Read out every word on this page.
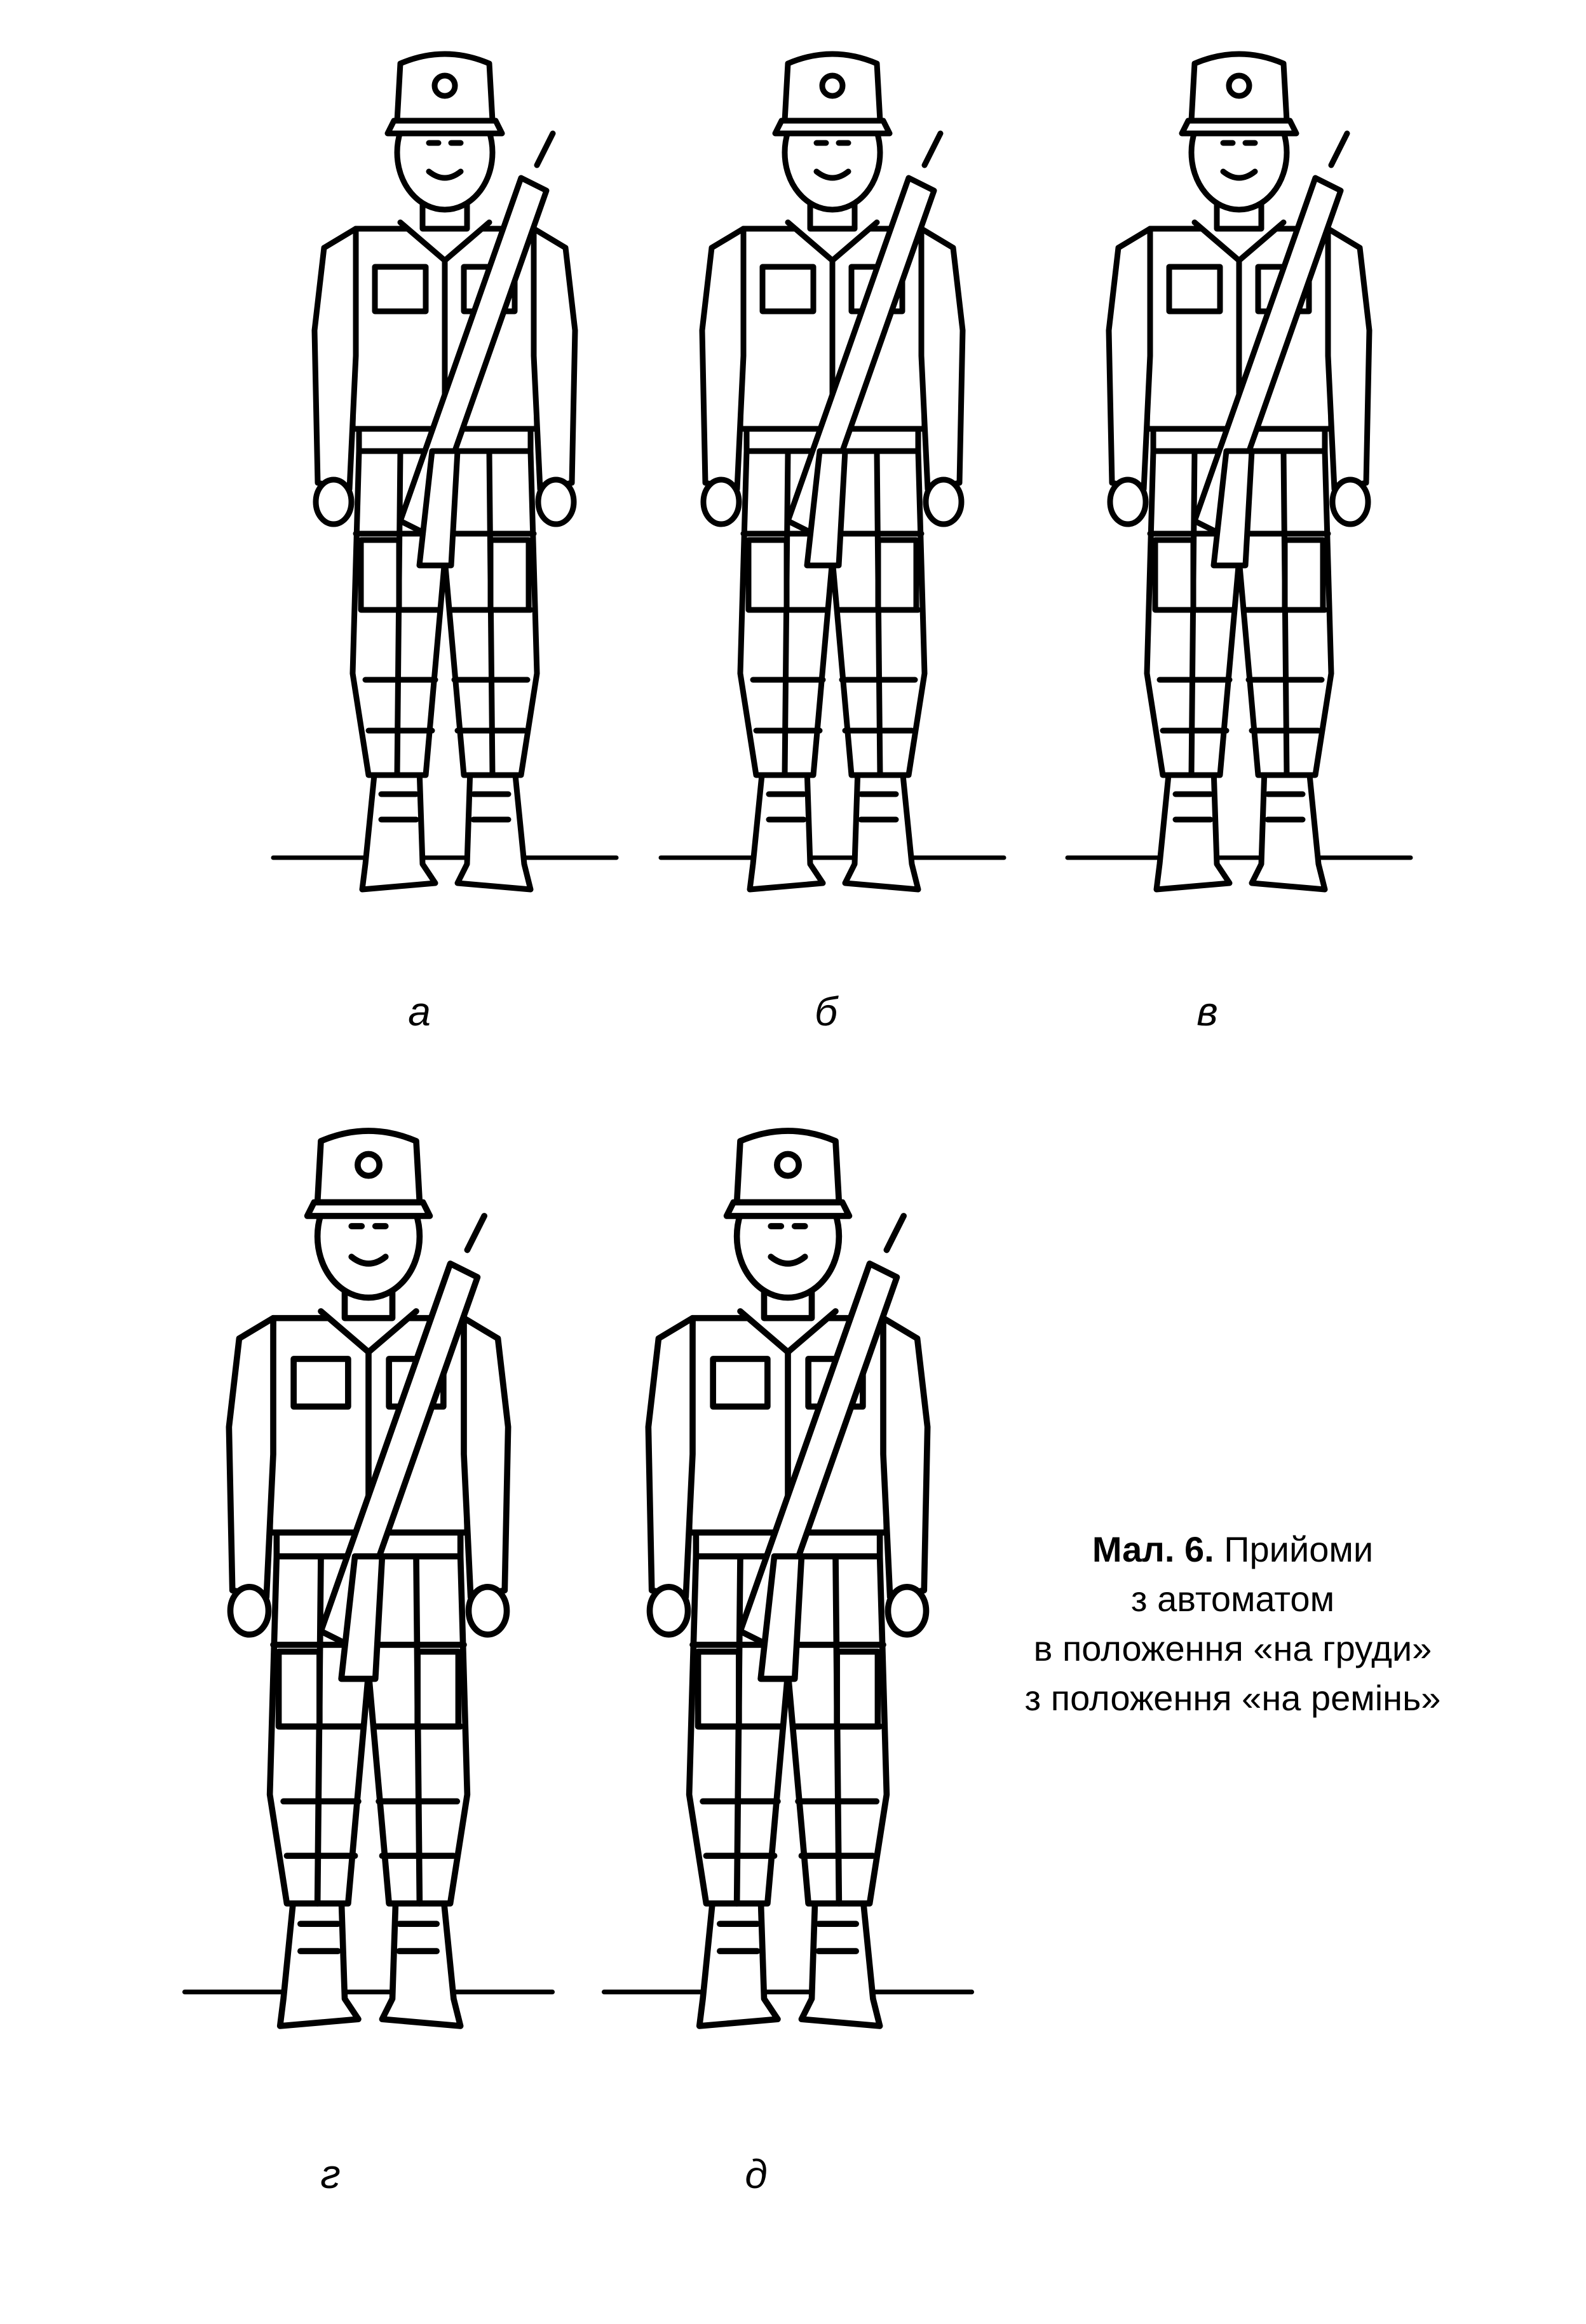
а	б	в
г	д
Мал. 6. Прийоми
з автоматом
в положення «на груди»
з положення «на ремінь»
